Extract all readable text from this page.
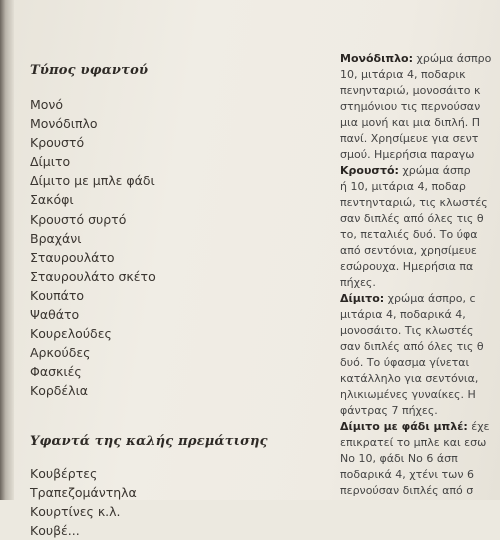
Τύπος υφαντού
Μονό
Μονόδιπλο
Κρουστό
Δίμιτο
Δίμιτο με μπλε φάδι
Σακόφι
Κρουστό συρτό
Βραχάνι
Σταυρουλάτο
Σταυρουλάτο σκέτο
Κουπάτο
Ψαθάτο
Κουρελούδες
Αρκούδες
Φασκιές
Κορδέλια
Υφαντά της καλής πρεμάτισης
Κουβέρτες
Τραπεζομάντηλα
Κουρτίνες κ.λ.
Κουβέ...
Μονόδιπλο: χρώμα άσπρο
10, μιτάρια 4, ποδαρικ
πενηνταριώ, μονοσάιτο κ
στημόνιου τις περνούσαν
μια μονή και μια διπλή. Π
πανί. Χρησίμευε για σεντ
σμού. Ημερήσια παραγω
Κρουστό: χρώμα άσπρ
ή 10, μιτάρια 4, ποδαρ
πεντηνταριώ, τις κλωστές
σαν διπλές από όλες τις θ
το, πεταλιές δυό. Το ύφα
από σεντόνια, χρησίμευε
εσώρουχα. Ημερήσια πα
πήχες.
Δίμιτο: χρώμα άσπρο, c
μιτάρια 4, ποδαρικά 4,
μονοσάιτο. Τις κλωστές
σαν διπλές από όλες τις θ
δυό. Το ύφασμα γίνεται
κατάλληλο για σεντόνια,
ηλικιωμένες γυναίκες. Η
φάντρας 7 πήχες.
Δίμιτο με φάδι μπλέ: έχε
επικρατεί το μπλε και εσω
Νο 10, φάδι Νο 6 άσπ
ποδαρικά 4, χτένι των 6
περνούσαν διπλές από σ
